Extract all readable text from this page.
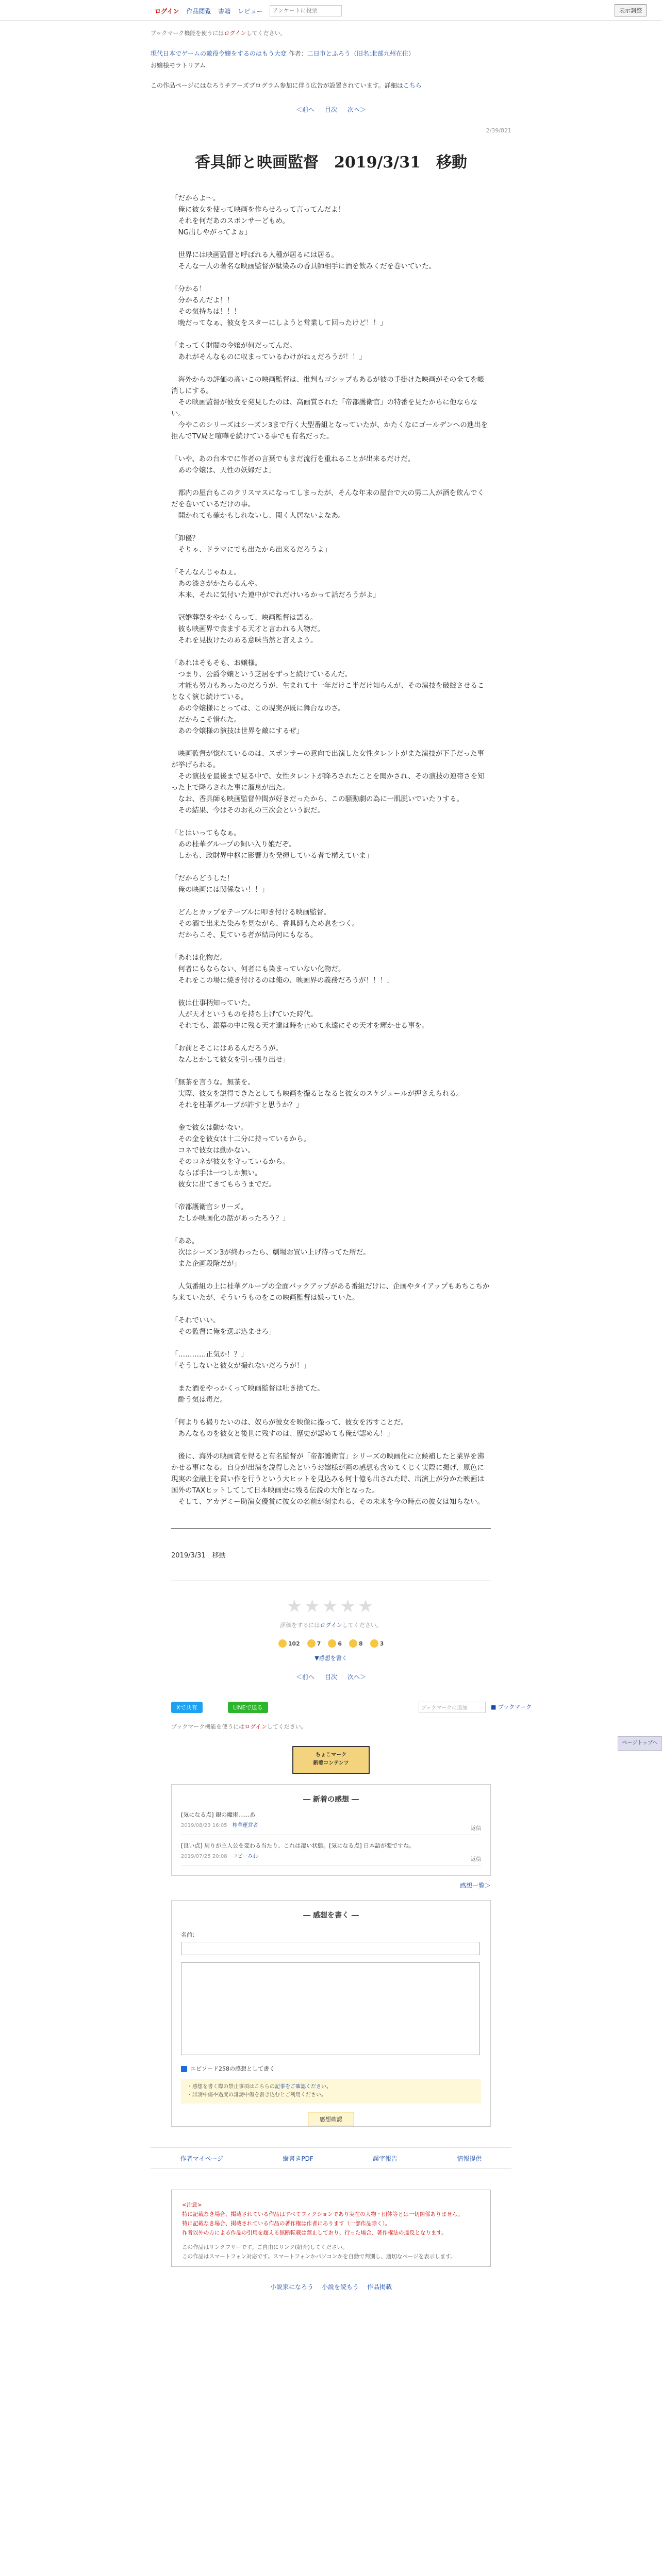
ログイン 作品閲覧 書籍 レビュー
アンケートに投票	表示調整
ブックマーク機能を使うにはログインしてください。
現代日本でゲームの敵役令嬢をするのはもう大変 作者：二日市とふろう（旧名:北部九州在住）
お嬢様モラトリアム
この作品ページにはなろうチアーズプログラム参加に伴う広告が設置されています。詳細はこちら
＜前へ 目次 次へ＞
2/39/821
香具師と映画監督　2019/3/31　移動
「だからよ～。
　俺に彼女を使って映画を作らせろって言ってんだよ！
　それを何だあのスポンサーどもめ。
　NG出しやがってよぉ」

　世界には映画監督と呼ばれる人種が居るには居る。
　そんな一人の著名な映画監督が駄染みの香具師相手に酒を飲みくだを巻いていた。

「分かる！
　分かるんだよ！！
　その気持ちは！！！
　晩だってなぁ、彼女をスターにしようと営業して回ったけど！！」

「まってく財閥の令嬢が何だってんだ。
　あれがそんなものに収まっているわけがねぇだろうが！！」

　海外からの評価の高いこの映画監督は、批判もゴシップもあるが彼の手掛けた映画がその全てを帳消しにする。
　その映画監督が彼女を発見したのは、高画質された「帝都護衛官」の特番を見たからに他ならない。
　今やこのシリーズはシーズン3まで行く大型番組となっていたが、かたくなにゴールデンへの進出を拒んでTV局と喧嘩を続けている事でも有名だった。

「いや、あの台本でに作者の言葉でもまだ流行を重ねることが出来るだけだ。
　あの令嬢は、天性の妖婦だよ」

　都内の屋台もこのクリスマスになってしまったが、そんな年末の屋台で大の男二人が酒を飲んでくだを巻いているだけの事。
　開かれても確かもしれないし、聞く人居ないよなあ。

「卸優？
　そりゃ、ドラマにでも出たから出来るだろうよ」

「そんなんじゃねぇ。
　あの漆さがかたらるんや。
　本来、それに気付いた連中がでれだけいるかって話だろうがよ」

　冠婚葬祭をやかくらって、映画監督は語る。
　彼も映画界で食まする天才と言われる人物だ。
　それを見抜けたのある意味当然と言えよう。

「あれはそもそも、お嬢様。
　つまり、公爵令嬢という芝居をずっと続けているんだ。
　才能も努力もあったのだろうが、生まれて十一年だけこ半だけ知らんが、その演技を破綻させることなく演じ続けている。
　あの令嬢様にとっては、この現実が既に舞台なのさ。
　だからこそ惜れた。
　あの令嬢様の演技は世界を敵にするぜ」

　映画監督が惚れているのは、スポンサーの意向で出演した女性タレントがまた演技が下手だった事が挙げられる。
　その演技を最後まで見る中で、女性タレントが降ろされたことを聞かされ、その演技の連帯さを知った上で降ろされた事に溜息が出た。
　なお、香具師も映画監督仲間が好きだったから、この騒動劇の為に一肌脱いでいたりする。
　その結果、今はそのお礼の三次会という訳だ。

「とはいってもなぁ。
　あの桂華グループの飼い入り娘だぞ。
　しかも、政財界中枢に影響力を発揮している者で構えていま」

「だからどうした！
　俺の映画には関係ない！！」

　どんとカップをテーブルに叩き付ける映画監督。
　その酒で出来た染みを見ながら、香具師もため息をつく。
　だからこそ、見ている者が結局何にもなる。

「あれは化物だ。
　何者にもならない、何者にも染まっていない化物だ。
　それをこの場に焼き付けるのは俺の、映画界の義務だろうが！！！」

　彼は仕事柄知っていた。
　人が天才というものを持ち上げていた時代。
　それでも、銀幕の中に残る天才達は時を止めて永遠にその天才を輝かせる事を。

「お前とそこにはあるんだろうが。
　なんとかして彼女を引っ張り出せ」

「無茶を言うな。無茶を。
　実際、彼女を説得できたとしても映画を撮るとなると彼女のスケジュールが押さえられる。
　それを桂華グループが許すと思うか？」

　金で彼女は動かない。
　その金を彼女は十二分に持っているから。
　コネで彼女は動かない。
　そのコネが彼女を守っているから。
　ならば手は一つしか無い。
　彼女に出てきてもらうまでだ。

「帝都護衛官シリーズ。
　たしか映画化の話があったろう？」

「ああ。
　次はシーズン3が終わったら、劇場お買い上げ待ってた所だ。
　また企画段階だが」

　人気番組の上に桂華グループの全面バックアップがある番組だけに、企画やタイアップもあちこちから来ていたが、そういうものをこの映画監督は嫌っていた。

「それでいい。
　その監督に俺を選ぶ込ませろ」

「…………正気か！？」
「そうしないと彼女が撮れないだろうが！」

　また酒をやっかくって映画監督は吐き捨てた。
　酔う気は毒だ。

「何よりも撮りたいのは、奴らが彼女を映像に撮って、彼女を汚すことだ。
　あんなものを彼女と後世に残すのは、歴史が認めても俺が認めん！」

　後に、海外の映画賞を得ると有名監督が「帝都護衛官」シリーズの映画化に立候補したと業界を沸かせる事になる。自身が出演を説得したというお嬢様が画の感想も含めてくじく実際に掲げ、原色に現実の金融主を買い作を行うという大ヒットを見込みも何十億も出された時、出演上が分かた映画は国外のTAXヒットしてして日本映画史に残る伝説の大作となった。
　そして、アカデミー助演女優賞に彼女の名前が刻まれる、その未来を今の時点の彼女は知らない。
2019/3/31　移動
★★★★★
評価をするにはログインしてください。
102	7	6	8	3
▼感想を書く
＜前へ 目次 次へ＞
Xで共有	LINEで送る	ブックマークに追加	■ ブックマーク
ブックマーク機能を使うにはログインしてください。
ちょこマーク
新着コンテンツ
― 新着の感想 ―
[気になる点] 銀の魔術……あ
2019/08/23 16:05 桂華運営者
返信
[良い点] 周りが主人公を変わる当たり、これは凄い状態。[気になる点] 日本語が変ですね。
2019/07/25 20:08 コピーみわ
返信
感想一覧＞
― 感想を書く ―
名前：
エピソード258の感想として書く
・感想を書く際の禁止事項はこちらの記事をご確認ください。
・誹謗中傷や過度の誹謗中傷を書き込むとご利用ください。
感想確認
作者マイページ	縦書きPDF	誤字報告	情報提供
<注意>
特に記載なき場合、掲載されている作品はすべてフィクションであり実在の人物・団体等とは一切関係ありません。
特に記載なき場合、掲載されている作品の著作権は作者にあります（一部作品除く）。
作者以外の方による作品の引用を超える無断転載は禁止しており、行った場合、著作権法の違反となります。
この作品はリンクフリーです。ご自由にリンク(紹介)してください。
この作品はスマートフォン対応です。スマートフォンかパソコンかを自動で判別し、適切なページを表示します。
小説家になろう 小説を読もう 作品掲載
ページトップへ
